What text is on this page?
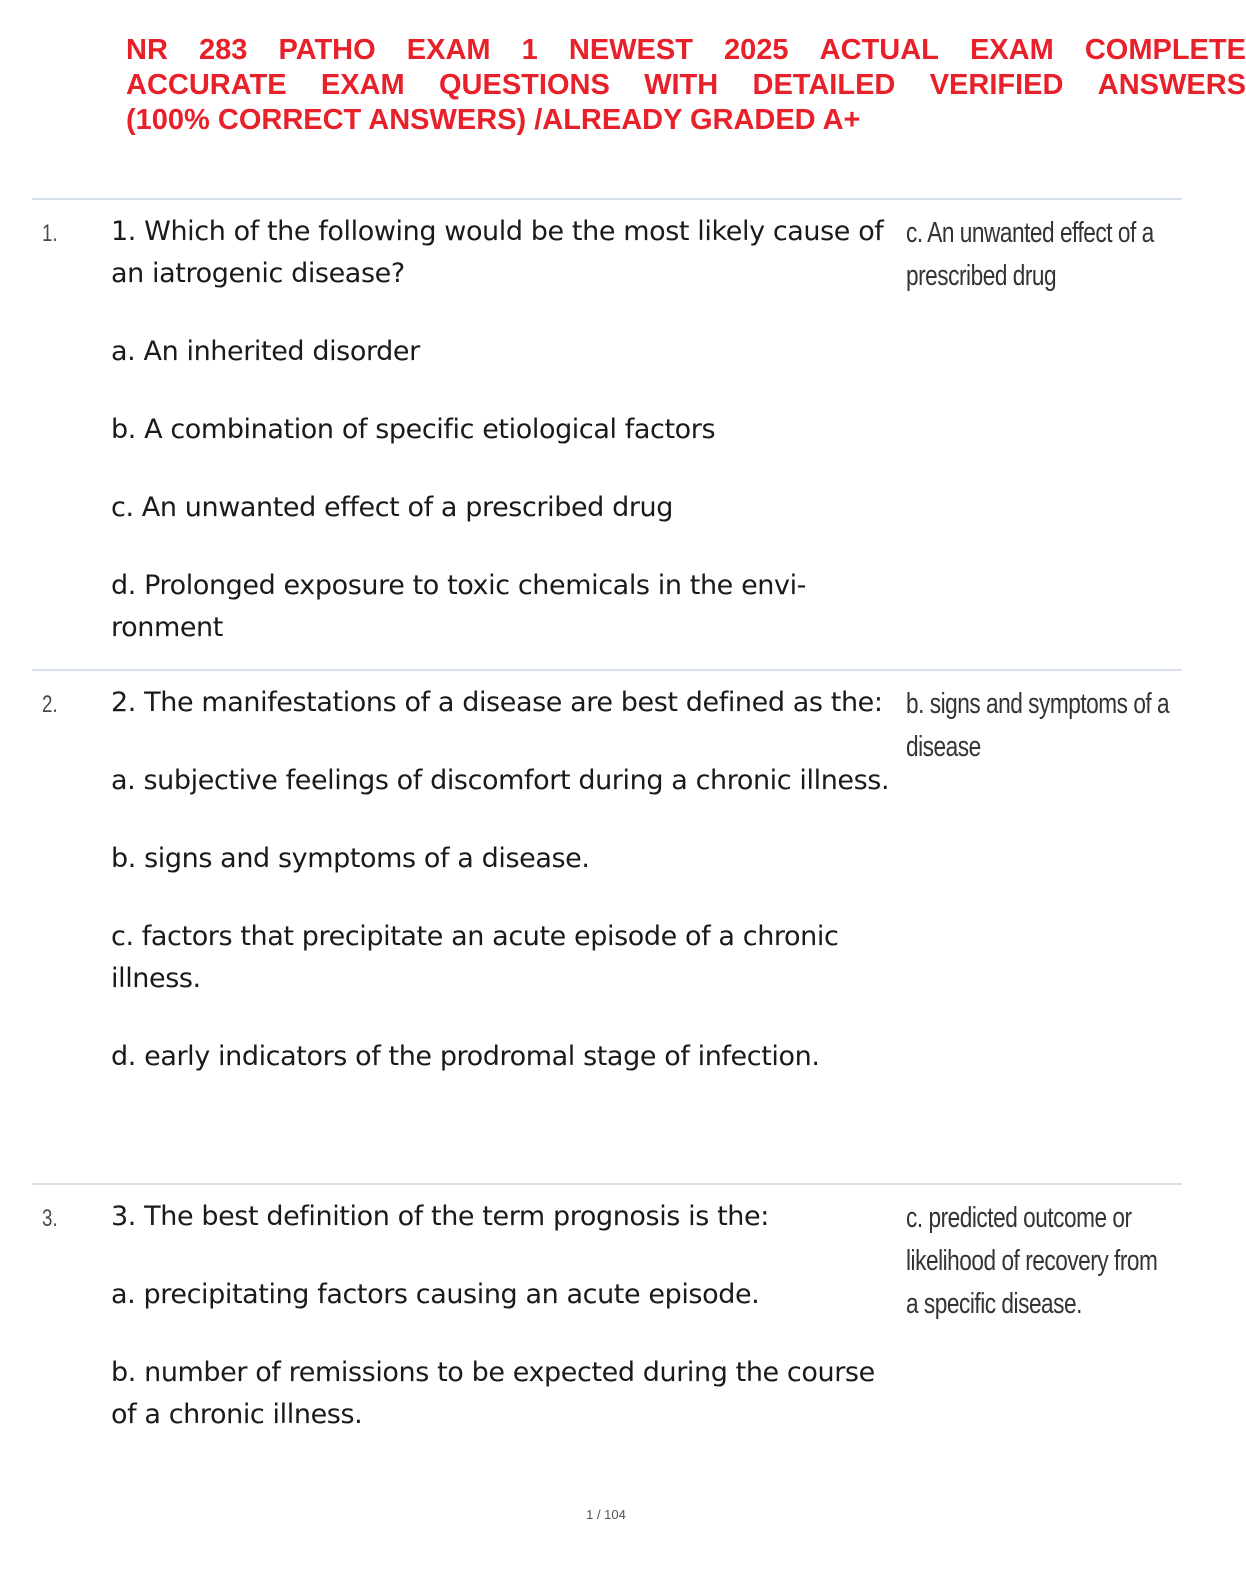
NR 283 PATHO EXAM 1 NEWEST 2025 ACTUAL EXAM COMPLETE
ACCURATE EXAM QUESTIONS WITH DETAILED VERIFIED ANSWERS
(100% CORRECT ANSWERS) /ALREADY GRADED A+
1. 1. Which of the following would be the most likely cause of an iatrogenic disease?

a. An inherited disorder

b. A combination of specific etiological factors

c. An unwanted effect of a prescribed drug

d. Prolonged exposure to toxic chemicals in the envi-ronment

c. An unwanted effect of a prescribed drug
2. 2. The manifestations of a disease are best defined as the:

a. subjective feelings of discomfort during a chronic illness.

b. signs and symptoms of a disease.

c. factors that precipitate an acute episode of a chronic illness.

d. early indicators of the prodromal stage of infection.

b. signs and symptoms of a disease
3. 3. The best definition of the term prognosis is the:

a. precipitating factors causing an acute episode.

b. number of remissions to be expected during the course of a chronic illness.

c. predicted outcome or likelihood of recovery from a specific disease.
1 / 104
